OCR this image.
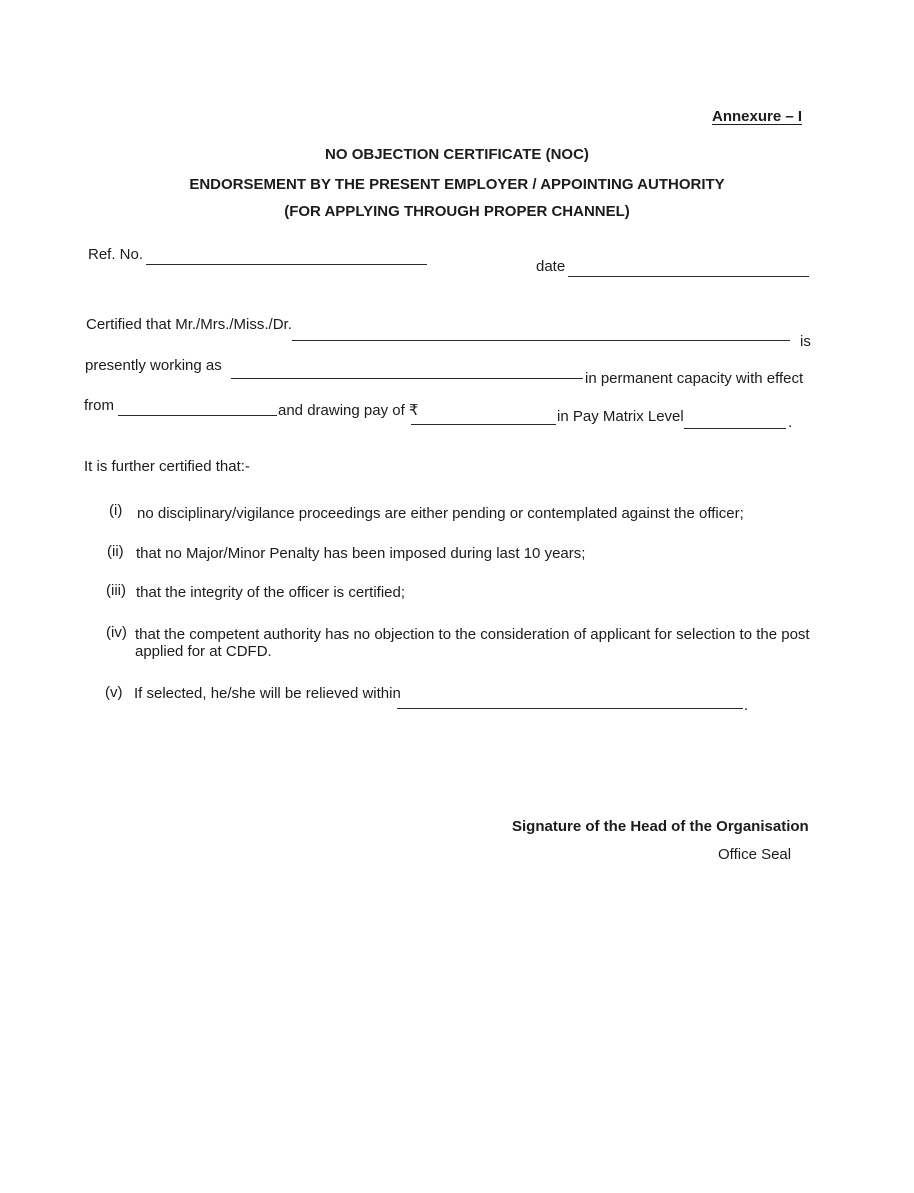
Annexure – I
NO OBJECTION CERTIFICATE (NOC)
ENDORSEMENT BY THE PRESENT EMPLOYER / APPOINTING AUTHORITY
(FOR APPLYING THROUGH PROPER CHANNEL)
Ref. No.
date
Certified that Mr./Mrs./Miss./Dr.
is
presently working as
in permanent capacity with effect
from	and drawing pay of ₹	in Pay Matrix Level	.
It is further certified that:-
(i) no disciplinary/vigilance proceedings are either pending or contemplated against the officer;
(ii) that no Major/Minor Penalty has been imposed during last 10 years;
(iii) that the integrity of the officer is certified;
(iv) that the competent authority has no objection to the consideration of applicant for selection to the post
applied for at CDFD.
(v) If selected, he/she will be relieved within
.
Signature of the Head of the Organisation
Office Seal
